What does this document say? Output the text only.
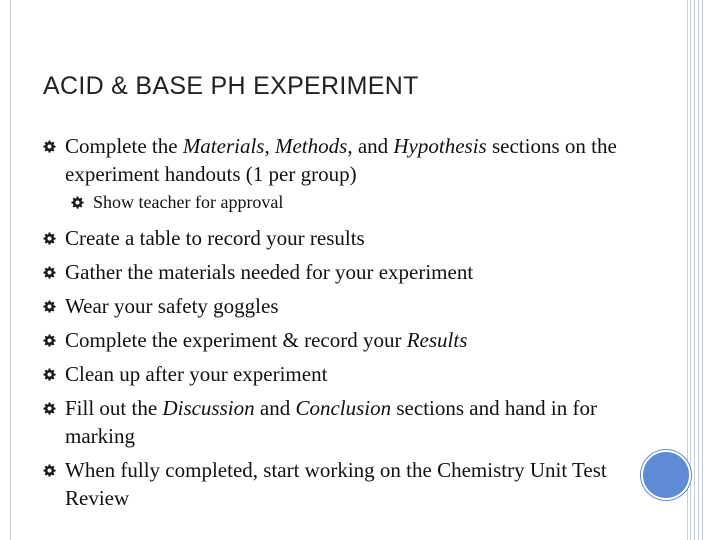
ACID & BASE PH EXPERIMENT
Complete the Materials, Methods, and Hypothesis sections on the experiment handouts (1 per group)
Show teacher for approval
Create a table to record your results
Gather the materials needed for your experiment
Wear your safety goggles
Complete the experiment & record your Results
Clean up after your experiment
Fill out the Discussion and Conclusion sections and hand in for marking
When fully completed, start working on the Chemistry Unit Test Review
